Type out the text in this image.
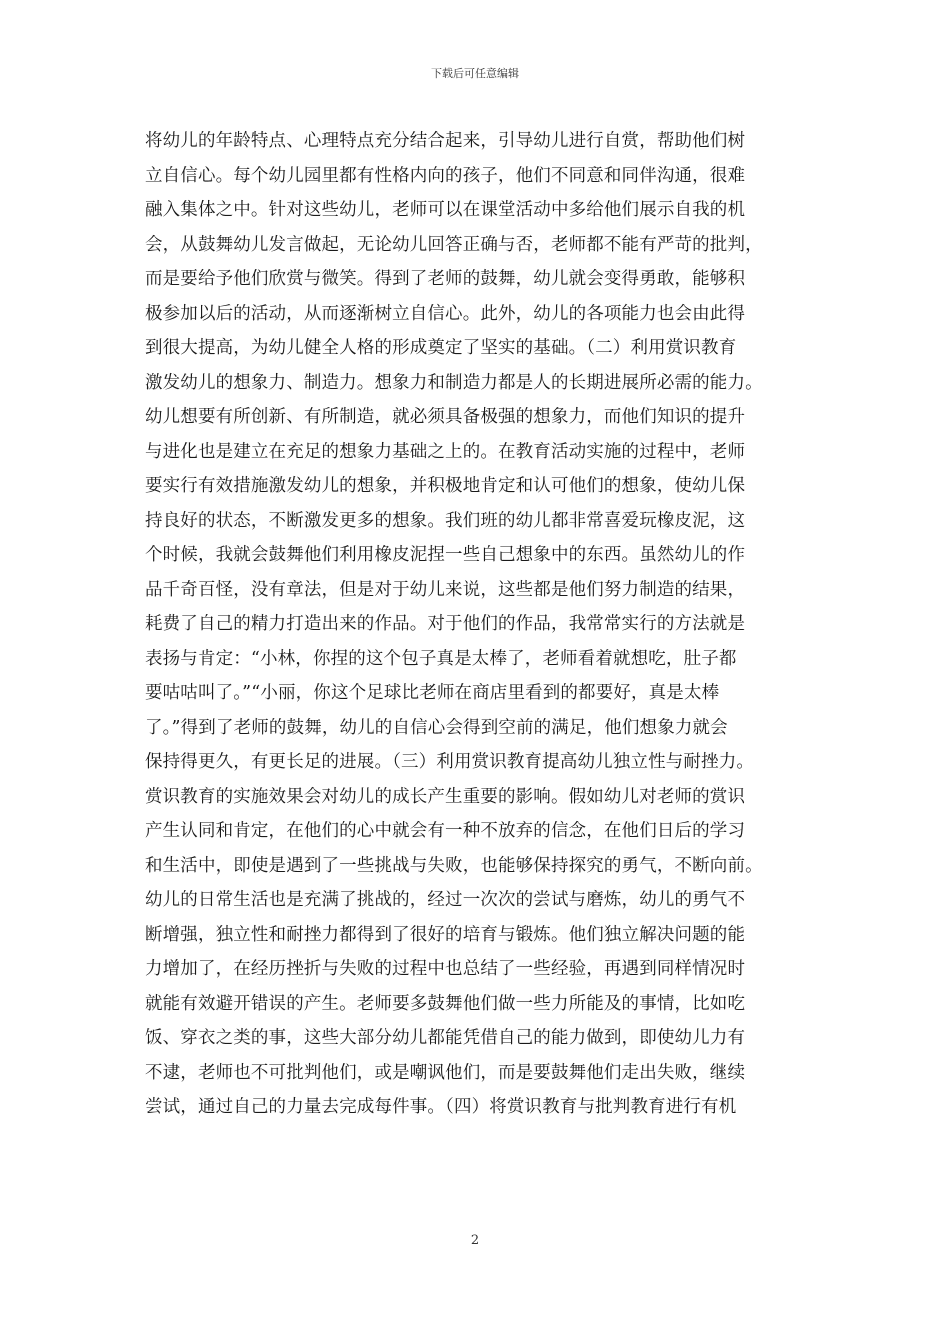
下载后可任意编辑
将幼儿的年龄特点、心理特点充分结合起来，引导幼儿进行自赏，帮助他们树
立自信心。每个幼儿园里都有性格内向的孩子，他们不同意和同伴沟通，很难
融入集体之中。针对这些幼儿，老师可以在课堂活动中多给他们展示自我的机
会，从鼓舞幼儿发言做起，无论幼儿回答正确与否，老师都不能有严苛的批判，
而是要给予他们欣赏与微笑。得到了老师的鼓舞，幼儿就会变得勇敢，能够积
极参加以后的活动，从而逐渐树立自信心。此外，幼儿的各项能力也会由此得
到很大提高，为幼儿健全人格的形成奠定了坚实的基础。（二）利用赏识教育
激发幼儿的想象力、制造力。想象力和制造力都是人的长期进展所必需的能力。
幼儿想要有所创新、有所制造，就必须具备极强的想象力，而他们知识的提升
与进化也是建立在充足的想象力基础之上的。在教育活动实施的过程中，老师
要实行有效措施激发幼儿的想象，并积极地肯定和认可他们的想象，使幼儿保
持良好的状态，不断激发更多的想象。我们班的幼儿都非常喜爱玩橡皮泥，这
个时候，我就会鼓舞他们利用橡皮泥捏一些自己想象中的东西。虽然幼儿的作
品千奇百怪，没有章法，但是对于幼儿来说，这些都是他们努力制造的结果，
耗费了自己的精力打造出来的作品。对于他们的作品，我常常实行的方法就是
表扬与肯定：“小林，你捏的这个包子真是太棒了，老师看着就想吃，肚子都
要咕咕叫了。”“小丽，你这个足球比老师在商店里看到的都要好，真是太棒
了。”得到了老师的鼓舞，幼儿的自信心会得到空前的满足，他们想象力就会
保持得更久，有更长足的进展。（三）利用赏识教育提高幼儿独立性与耐挫力。
赏识教育的实施效果会对幼儿的成长产生重要的影响。假如幼儿对老师的赏识
产生认同和肯定，在他们的心中就会有一种不放弃的信念，在他们日后的学习
和生活中，即使是遇到了一些挑战与失败，也能够保持探究的勇气，不断向前。
幼儿的日常生活也是充满了挑战的，经过一次次的尝试与磨炼，幼儿的勇气不
断增强，独立性和耐挫力都得到了很好的培育与锻炼。他们独立解决问题的能
力增加了，在经历挫折与失败的过程中也总结了一些经验，再遇到同样情况时
就能有效避开错误的产生。老师要多鼓舞他们做一些力所能及的事情，比如吃
饭、穿衣之类的事，这些大部分幼儿都能凭借自己的能力做到，即使幼儿力有
不逮，老师也不可批判他们，或是嘲讽他们，而是要鼓舞他们走出失败，继续
尝试，通过自己的力量去完成每件事。（四）将赏识教育与批判教育进行有机
2
